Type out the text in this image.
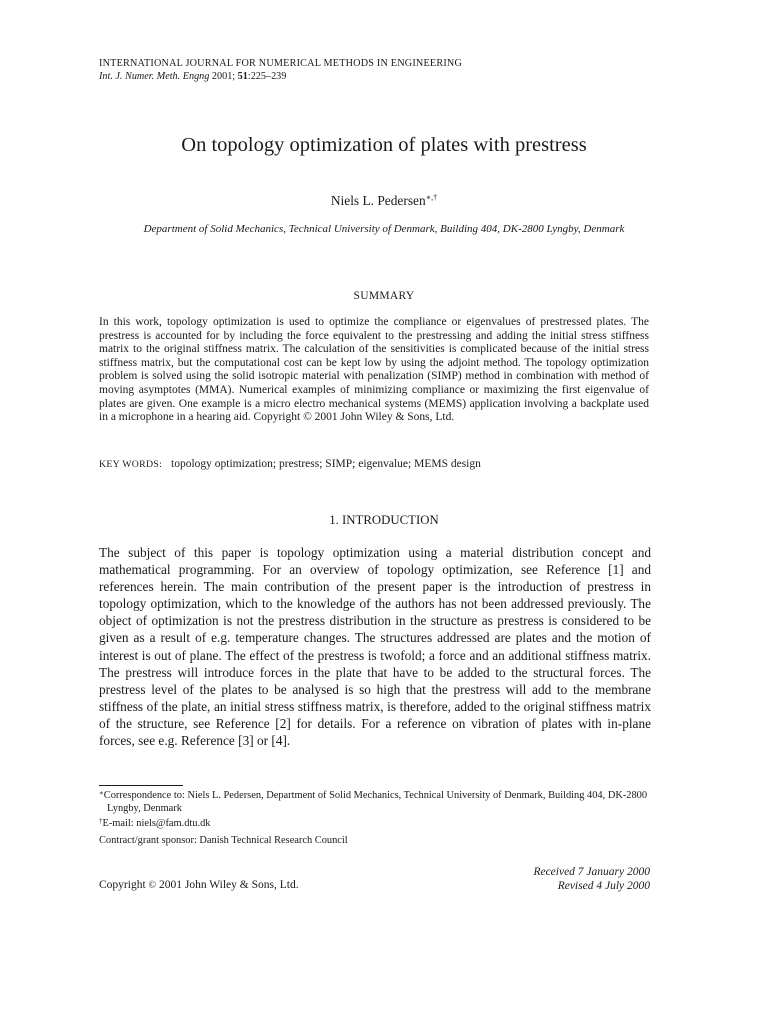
INTERNATIONAL JOURNAL FOR NUMERICAL METHODS IN ENGINEERING
Int. J. Numer. Meth. Engng 2001; 51:225–239
On topology optimization of plates with prestress
Niels L. Pedersen∗,†
Department of Solid Mechanics, Technical University of Denmark, Building 404, DK-2800 Lyngby, Denmark
SUMMARY
In this work, topology optimization is used to optimize the compliance or eigenvalues of prestressed plates. The prestress is accounted for by including the force equivalent to the prestressing and adding the initial stress stiffness matrix to the original stiffness matrix. The calculation of the sensitivities is complicated because of the initial stress stiffness matrix, but the computational cost can be kept low by using the adjoint method. The topology optimization problem is solved using the solid isotropic material with penalization (SIMP) method in combination with method of moving asymptotes (MMA). Numerical examples of minimizing compliance or maximizing the first eigenvalue of plates are given. One example is a micro electro mechanical systems (MEMS) application involving a backplate used in a microphone in a hearing aid. Copyright © 2001 John Wiley & Sons, Ltd.
KEY WORDS: topology optimization; prestress; SIMP; eigenvalue; MEMS design
1. INTRODUCTION
The subject of this paper is topology optimization using a material distribution concept and mathematical programming. For an overview of topology optimization, see Reference [1] and references herein. The main contribution of the present paper is the introduction of prestress in topology optimization, which to the knowledge of the authors has not been addressed previously. The object of optimization is not the prestress distribution in the structure as prestress is considered to be given as a result of e.g. temperature changes. The structures addressed are plates and the motion of interest is out of plane. The effect of the prestress is twofold; a force and an additional stiffness matrix. The prestress will introduce forces in the plate that have to be added to the structural forces. The prestress level of the plates to be analysed is so high that the prestress will add to the membrane stiffness of the plate, an initial stress stiffness matrix, is therefore, added to the original stiffness matrix of the structure, see Reference [2] for details. For a reference on vibration of plates with in-plane forces, see e.g. Reference [3] or [4].
∗Correspondence to: Niels L. Pedersen, Department of Solid Mechanics, Technical University of Denmark, Building 404, DK-2800 Lyngby, Denmark
†E-mail: niels@fam.dtu.dk
Contract/grant sponsor: Danish Technical Research Council
Copyright © 2001 John Wiley & Sons, Ltd.
Received 7 January 2000
Revised 4 July 2000
